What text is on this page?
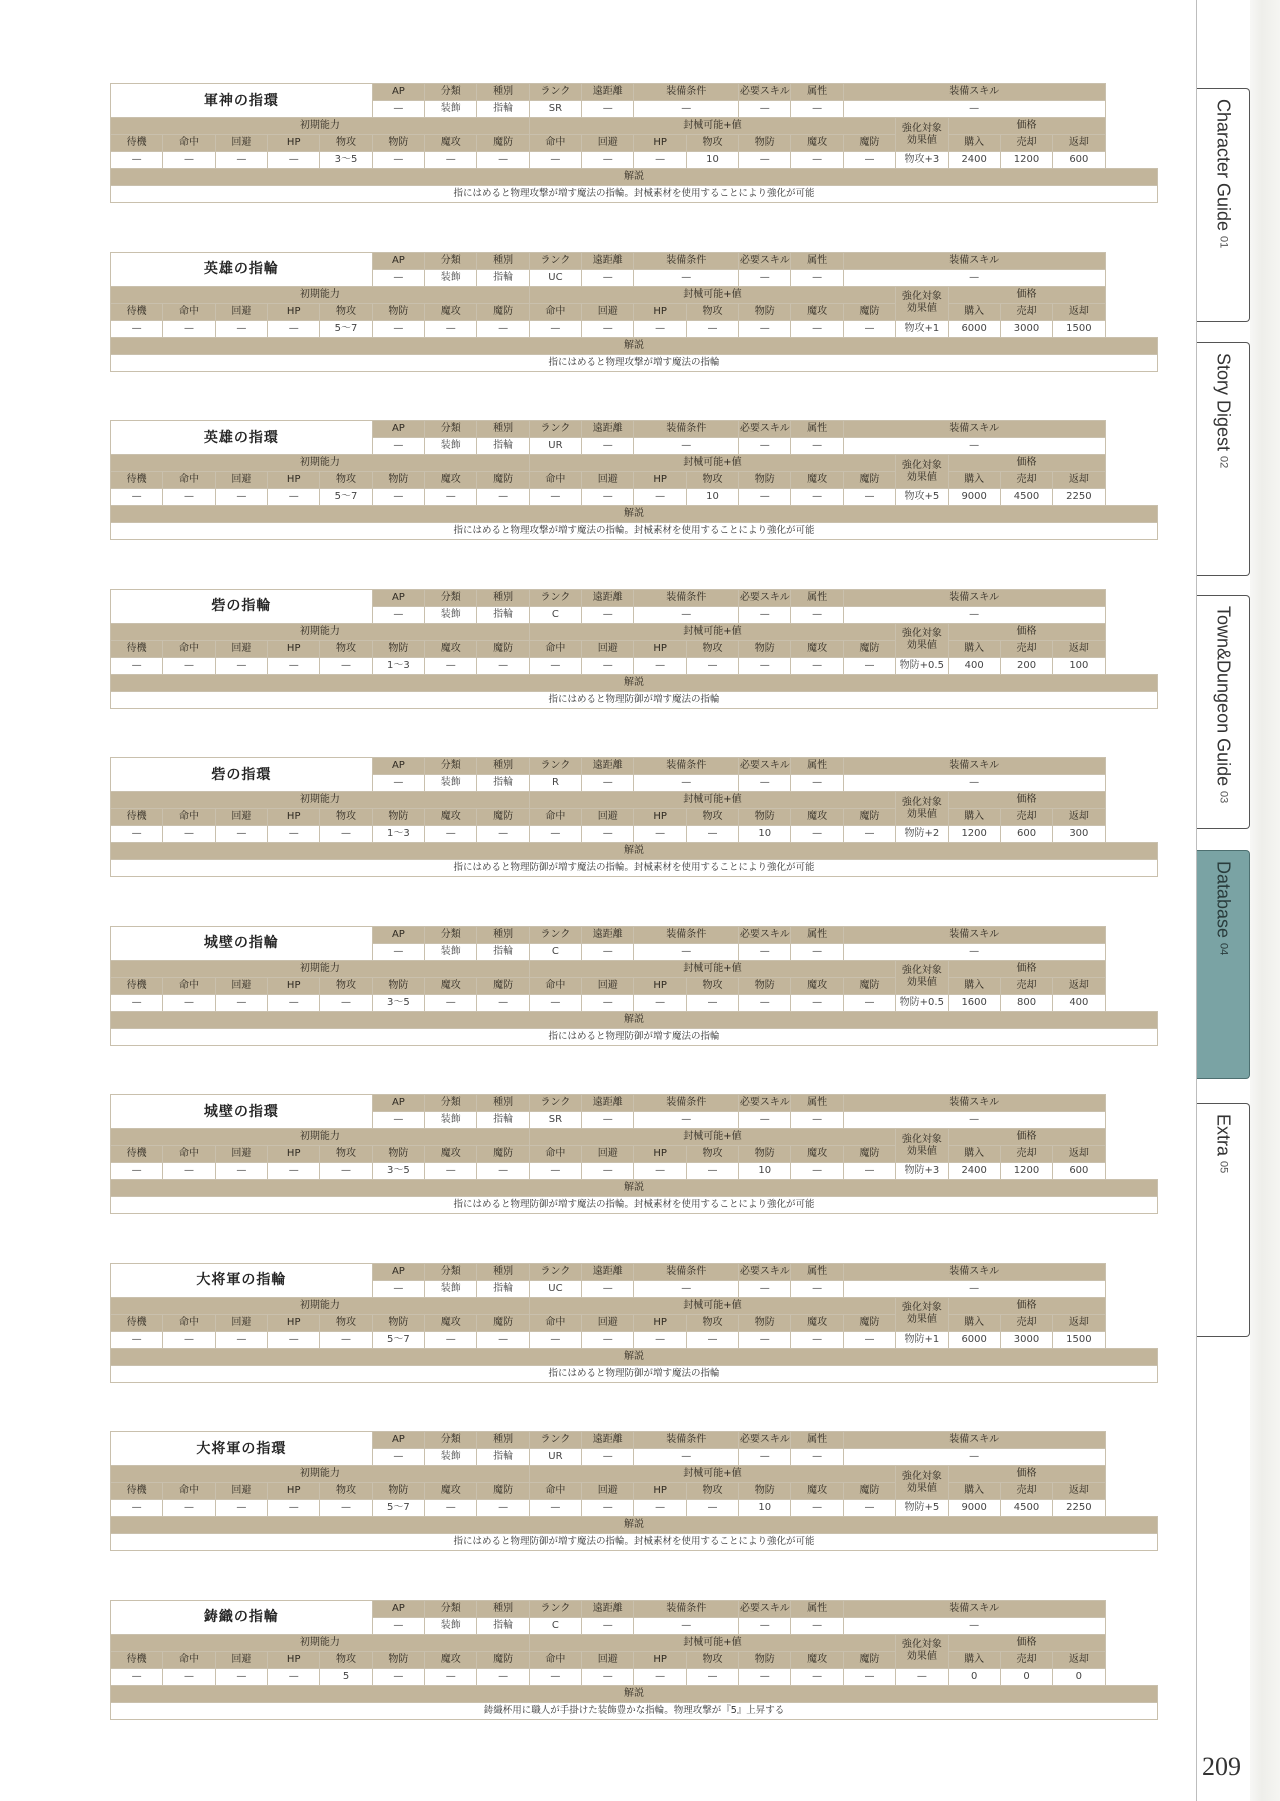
軍神の指環					AP	分類	種別	ランク	遠距離	装備条件		必要スキル	属性	装備スキル				
					—	装飾	指輪	SR	—	—		—	—	—				
初期能力								封械可能+値							強化対象
効果値	価格		
待機	命中	回避	HP	物攻	物防	魔攻	魔防	命中	回避	HP	物攻	物防	魔攻	魔防		購入	売却	返却
—	—	—	—	3～5	—	—	—	—	—	—	10	—	—	—	物攻+3	2400	1200	600
解説																		
指にはめると物理攻撃が増す魔法の指輪。封械素材を使用することにより強化が可能																		
英雄の指輪					AP	分類	種別	ランク	遠距離	装備条件		必要スキル	属性	装備スキル				
					—	装飾	指輪	UC	—	—		—	—	—				
初期能力								封械可能+値							強化対象
効果値	価格		
待機	命中	回避	HP	物攻	物防	魔攻	魔防	命中	回避	HP	物攻	物防	魔攻	魔防		購入	売却	返却
—	—	—	—	5～7	—	—	—	—	—	—	—	—	—	—	物攻+1	6000	3000	1500
解説																		
指にはめると物理攻撃が増す魔法の指輪																		
英雄の指環					AP	分類	種別	ランク	遠距離	装備条件		必要スキル	属性	装備スキル				
					—	装飾	指輪	UR	—	—		—	—	—				
初期能力								封械可能+値							強化対象
効果値	価格		
待機	命中	回避	HP	物攻	物防	魔攻	魔防	命中	回避	HP	物攻	物防	魔攻	魔防		購入	売却	返却
—	—	—	—	5～7	—	—	—	—	—	—	10	—	—	—	物攻+5	9000	4500	2250
解説																		
指にはめると物理攻撃が増す魔法の指輪。封械素材を使用することにより強化が可能																		
砦の指輪					AP	分類	種別	ランク	遠距離	装備条件		必要スキル	属性	装備スキル				
					—	装飾	指輪	C	—	—		—	—	—				
初期能力								封械可能+値							強化対象
効果値	価格		
待機	命中	回避	HP	物攻	物防	魔攻	魔防	命中	回避	HP	物攻	物防	魔攻	魔防		購入	売却	返却
—	—	—	—	—	1～3	—	—	—	—	—	—	—	—	—	物防+0.5	400	200	100
解説																		
指にはめると物理防御が増す魔法の指輪																		
砦の指環					AP	分類	種別	ランク	遠距離	装備条件		必要スキル	属性	装備スキル				
					—	装飾	指輪	R	—	—		—	—	—				
初期能力								封械可能+値							強化対象
効果値	価格		
待機	命中	回避	HP	物攻	物防	魔攻	魔防	命中	回避	HP	物攻	物防	魔攻	魔防		購入	売却	返却
—	—	—	—	—	1～3	—	—	—	—	—	—	10	—	—	物防+2	1200	600	300
解説																		
指にはめると物理防御が増す魔法の指輪。封械素材を使用することにより強化が可能																		
城壁の指輪					AP	分類	種別	ランク	遠距離	装備条件		必要スキル	属性	装備スキル				
					—	装飾	指輪	C	—	—		—	—	—				
初期能力								封械可能+値							強化対象
効果値	価格		
待機	命中	回避	HP	物攻	物防	魔攻	魔防	命中	回避	HP	物攻	物防	魔攻	魔防		購入	売却	返却
—	—	—	—	—	3～5	—	—	—	—	—	—	—	—	—	物防+0.5	1600	800	400
解説																		
指にはめると物理防御が増す魔法の指輪																		
城壁の指環					AP	分類	種別	ランク	遠距離	装備条件		必要スキル	属性	装備スキル				
					—	装飾	指輪	SR	—	—		—	—	—				
初期能力								封械可能+値							強化対象
効果値	価格		
待機	命中	回避	HP	物攻	物防	魔攻	魔防	命中	回避	HP	物攻	物防	魔攻	魔防		購入	売却	返却
—	—	—	—	—	3～5	—	—	—	—	—	—	10	—	—	物防+3	2400	1200	600
解説																		
指にはめると物理防御が増す魔法の指輪。封械素材を使用することにより強化が可能																		
大将軍の指輪					AP	分類	種別	ランク	遠距離	装備条件		必要スキル	属性	装備スキル				
					—	装飾	指輪	UC	—	—		—	—	—				
初期能力								封械可能+値							強化対象
効果値	価格		
待機	命中	回避	HP	物攻	物防	魔攻	魔防	命中	回避	HP	物攻	物防	魔攻	魔防		購入	売却	返却
—	—	—	—	—	5～7	—	—	—	—	—	—	—	—	—	物防+1	6000	3000	1500
解説																		
指にはめると物理防御が増す魔法の指輪																		
大将軍の指環					AP	分類	種別	ランク	遠距離	装備条件		必要スキル	属性	装備スキル				
					—	装飾	指輪	UR	—	—		—	—	—				
初期能力								封械可能+値							強化対象
効果値	価格		
待機	命中	回避	HP	物攻	物防	魔攻	魔防	命中	回避	HP	物攻	物防	魔攻	魔防		購入	売却	返却
—	—	—	—	—	5～7	—	—	—	—	—	—	10	—	—	物防+5	9000	4500	2250
解説																		
指にはめると物理防御が増す魔法の指輪。封械素材を使用することにより強化が可能																		
鋳織の指輪					AP	分類	種別	ランク	遠距離	装備条件		必要スキル	属性	装備スキル				
					—	装飾	指輪	C	—	—		—	—	—				
初期能力								封械可能+値							強化対象
効果値	価格		
待機	命中	回避	HP	物攻	物防	魔攻	魔防	命中	回避	HP	物攻	物防	魔攻	魔防		購入	売却	返却
—	—	—	—	5	—	—	—	—	—	—	—	—	—	—	—	0	0	0
解説																		
鋳織杯用に職人が手掛けた装飾豊かな指輪。物理攻撃が『5』上昇する																		
Character Guide 01
Story Digest 02
Town&Dungeon Guide 03
Database 04
Extra 05
209
